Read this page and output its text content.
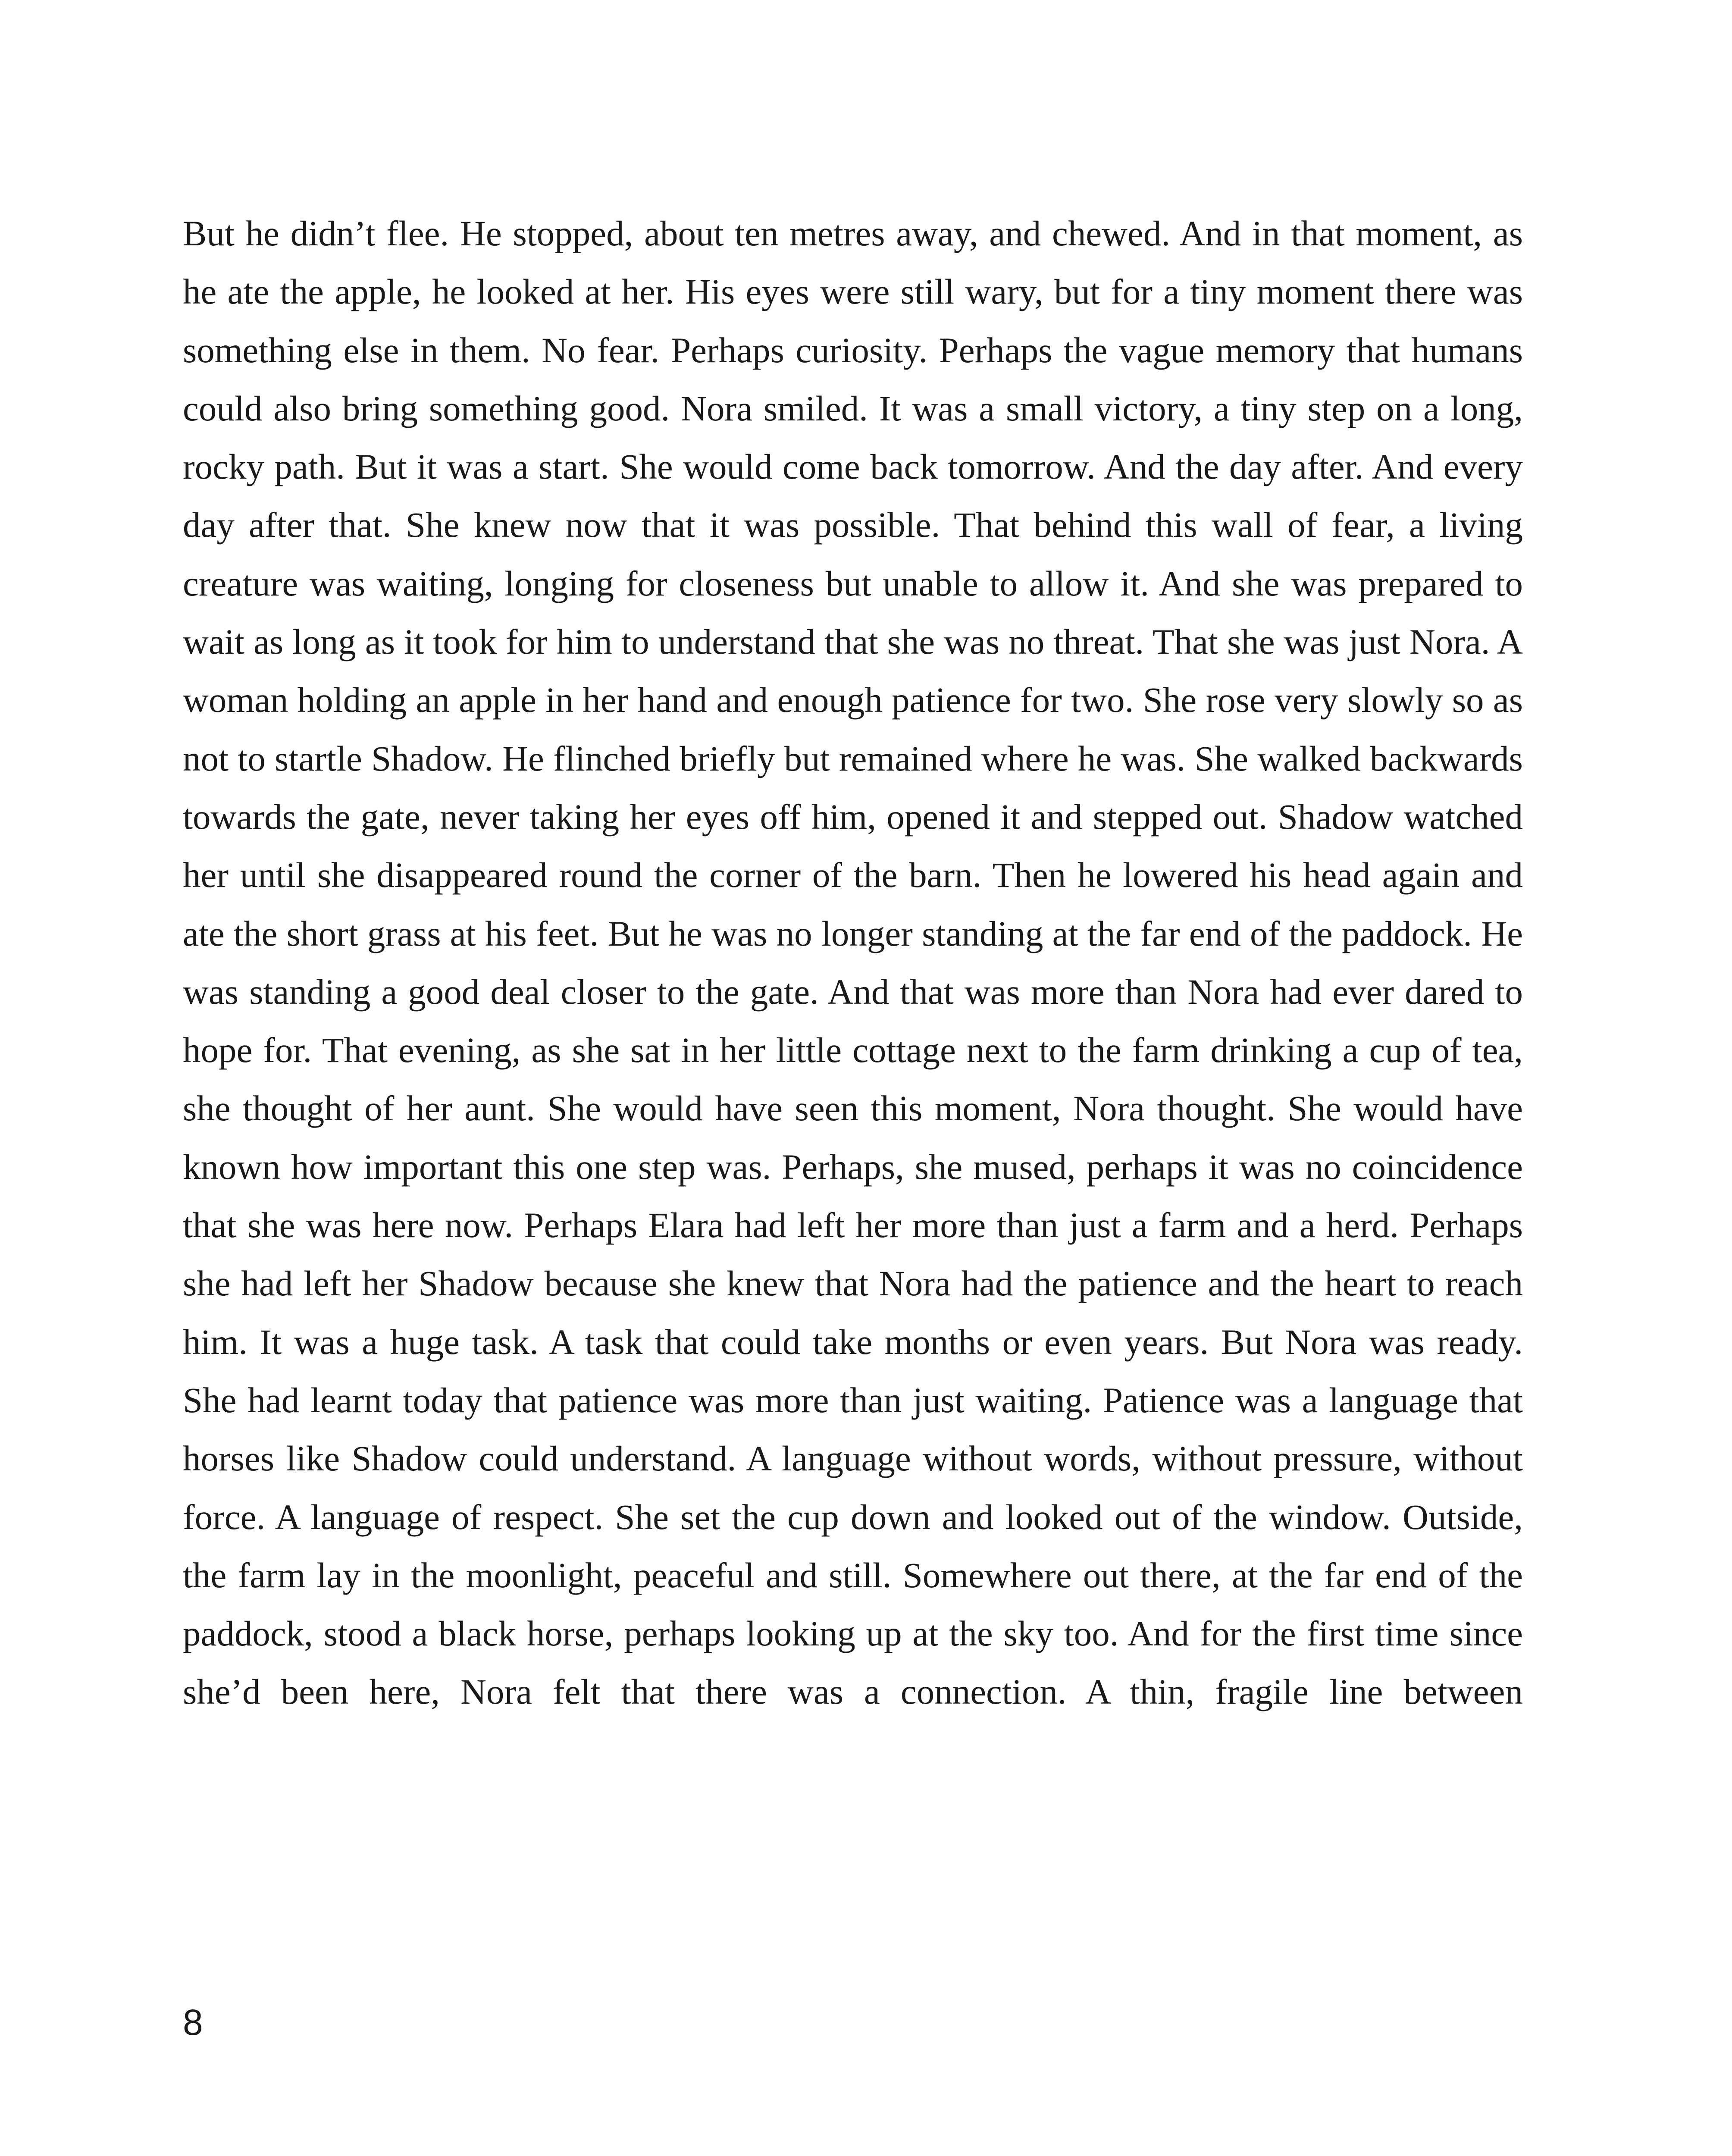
But he didn’t flee. He stopped, about ten metres away, and chewed. And in that moment, as he ate the apple, he looked at her. His eyes were still wary, but for a tiny moment there was something else in them. No fear. Perhaps curiosity. Perhaps the vague memory that humans could also bring something good. Nora smiled. It was a small victory, a tiny step on a long, rocky path. But it was a start. She would come back tomorrow. And the day after. And every day after that. She knew now that it was possible. That behind this wall of fear, a living creature was waiting, longing for closeness but unable to allow it. And she was prepared to wait as long as it took for him to understand that she was no threat. That she was just Nora. A woman holding an apple in her hand and enough patience for two. She rose very slowly so as not to startle Shadow. He flinched briefly but remained where he was. She walked backwards towards the gate, never taking her eyes off him, opened it and stepped out. Shadow watched her until she disappeared round the corner of the barn. Then he lowered his head again and ate the short grass at his feet. But he was no longer standing at the far end of the paddock. He was standing a good deal closer to the gate. And that was more than Nora had ever dared to hope for. That evening, as she sat in her little cottage next to the farm drinking a cup of tea, she thought of her aunt. She would have seen this moment, Nora thought. She would have known how important this one step was. Perhaps, she mused, perhaps it was no coincidence that she was here now. Perhaps Elara had left her more than just a farm and a herd. Perhaps she had left her Shadow because she knew that Nora had the patience and the heart to reach him. It was a huge task. A task that could take months or even years. But Nora was ready. She had learnt today that patience was more than just waiting. Patience was a language that horses like Shadow could understand. A language without words, without pressure, without force. A language of respect. She set the cup down and looked out of the window. Outside, the farm lay in the moonlight, peaceful and still. Somewhere out there, at the far end of the paddock, stood a black horse, perhaps looking up at the sky too. And for the first time since she’d been here, Nora felt that there was a connection. A thin, fragile line between

8
